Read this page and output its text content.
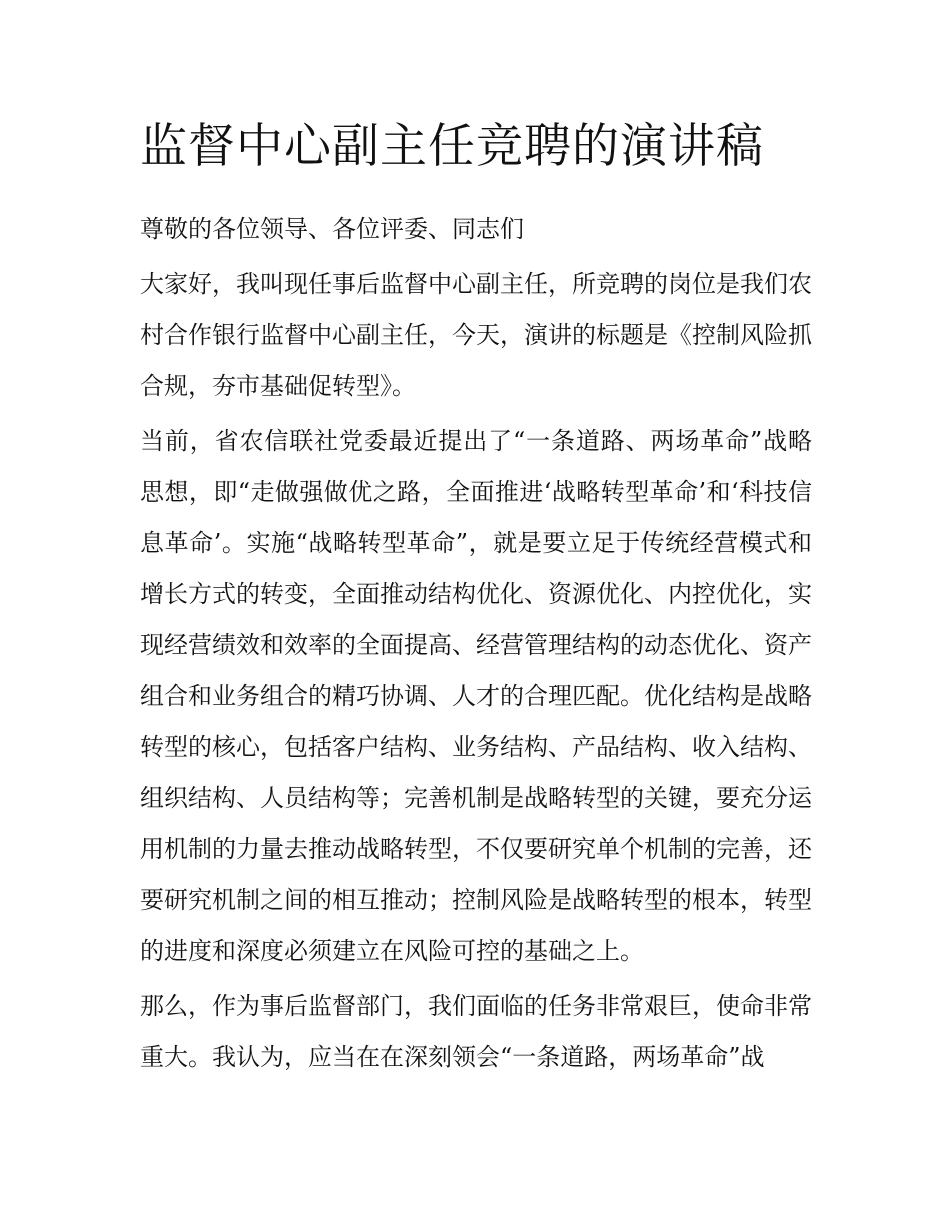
监督中心副主任竞聘的演讲稿

尊敬的各位领导、各位评委、同志们

大家好，我叫现任事后监督中心副主任，所竞聘的岗位是我们农村合作银行监督中心副主任，今天，演讲的标题是《控制风险抓合规，夯市基础促转型》。

当前，省农信联社党委最近提出了“一条道路、两场革命”战略思想，即“走做强做优之路，全面推进‘战略转型革命’和‘科技信息革命’。实施“战略转型革命”，就是要立足于传统经营模式和增长方式的转变，全面推动结构优化、资源优化、内控优化，实现经营绩效和效率的全面提高、经营管理结构的动态优化、资产组合和业务组合的精巧协调、人才的合理匹配。优化结构是战略转型的核心，包括客户结构、业务结构、产品结构、收入结构、组织结构、人员结构等；完善机制是战略转型的关键，要充分运用机制的力量去推动战略转型，不仅要研究单个机制的完善，还要研究机制之间的相互推动；控制风险是战略转型的根本，转型的进度和深度必须建立在风险可控的基础之上。

那么，作为事后监督部门，我们面临的任务非常艰巨，使命非常重大。我认为，应当在在深刻领会“一条道路，两场革命”战
